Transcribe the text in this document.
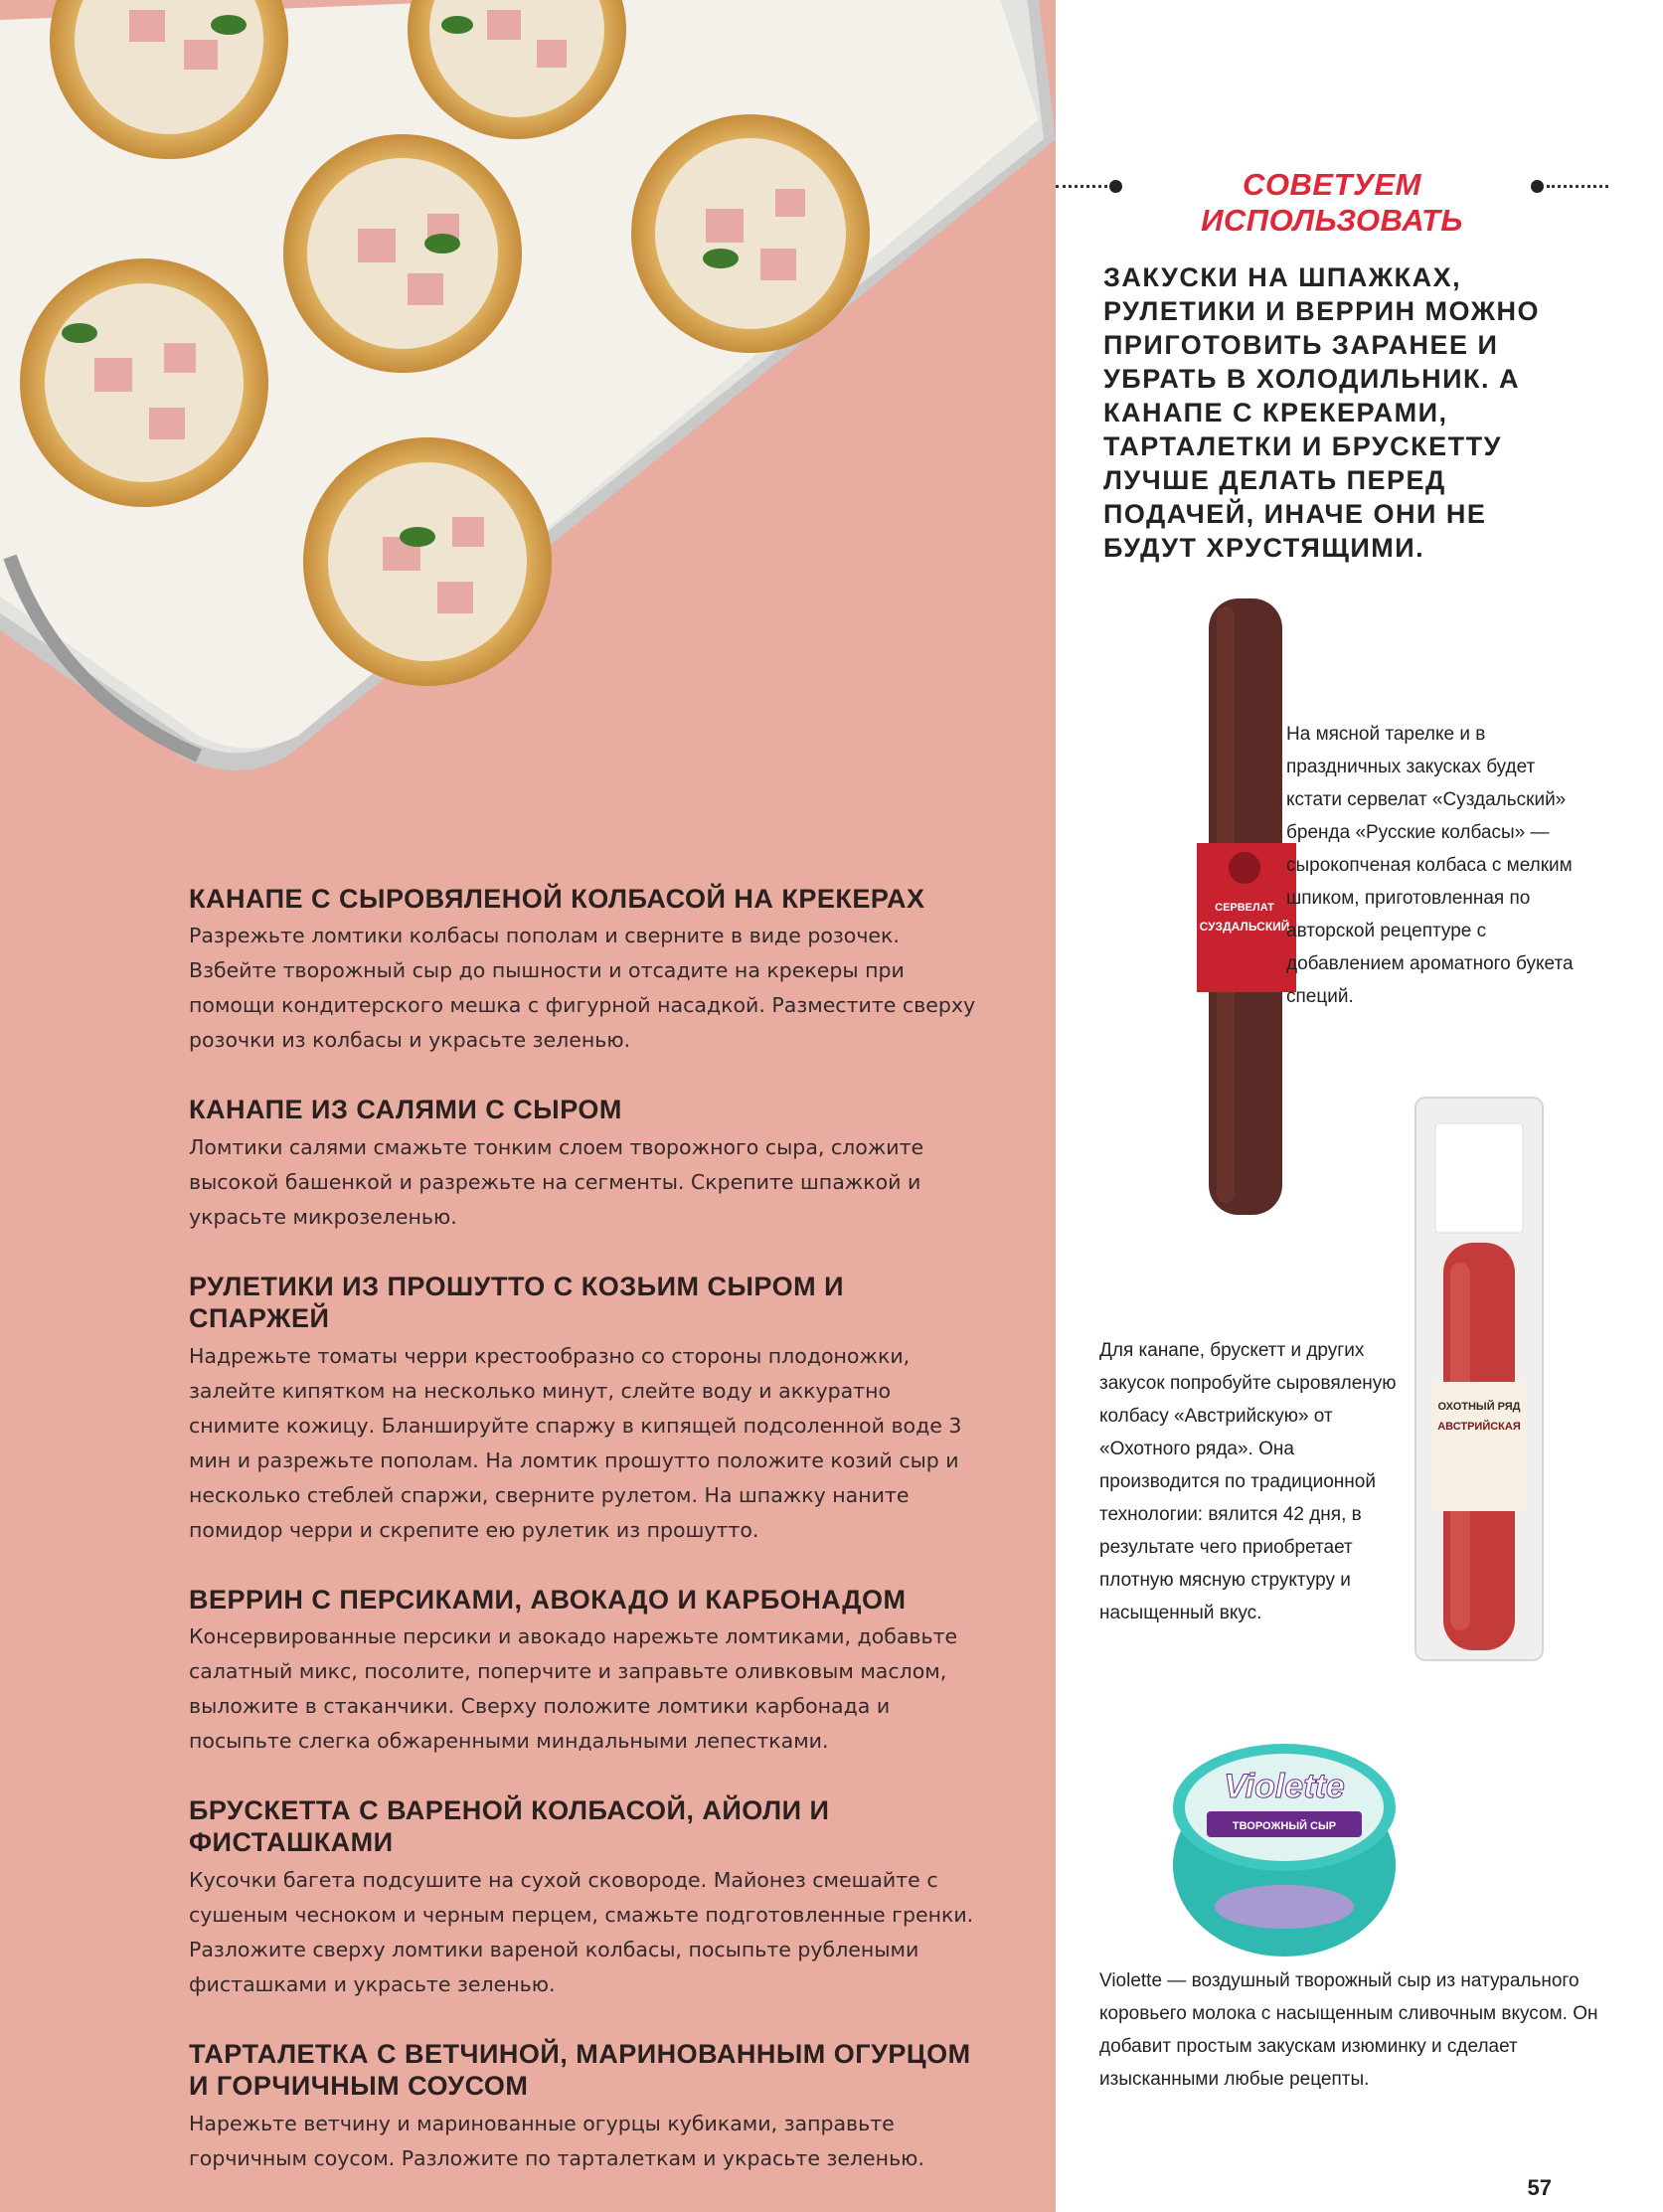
КАНАПЕ С СЫРОВЯЛЕНОЙ КОЛБАСОЙ НА КРЕКЕРАХ

Разрежьте ломтики колбасы пополам и сверните в виде розочек. Взбейте творожный сыр до пышности и отсадите на крекеры при помощи кондитерского мешка с фигурной насадкой. Разместите сверху розочки из колбасы и украсьте зеленью.

КАНАПЕ ИЗ САЛЯМИ С СЫРОМ

Ломтики салями смажьте тонким слоем творожного сыра, сложите высокой башенкой и разрежьте на сегменты. Скрепите шпажкой и украсьте микрозеленью.

РУЛЕТИКИ ИЗ ПРОШУТТО С КОЗЬИМ СЫРОМ И СПАРЖЕЙ

Надрежьте томаты черри крестообразно со стороны плодоножки, залейте кипятком на несколько минут, слейте воду и аккуратно снимите кожицу. Бланшируйте спаржу в кипящей подсоленной воде 3 мин и разрежьте пополам. На ломтик прошутто положите козий сыр и несколько стеблей спаржи, сверните рулетом. На шпажку наните помидор черри и скрепите ею рулетик из прошутто.

ВЕРРИН С ПЕРСИКАМИ, АВОКАДО И КАРБОНАДОМ

Консервированные персики и авокадо нарежьте ломтиками, добавьте салатный микс, посолите, поперчите и заправьте оливковым маслом, выложите в стаканчики. Сверху положите ломтики карбонада и посыпьте слегка обжаренными миндальными лепестками.

БРУСКЕТТА С ВАРЕНОЙ КОЛБАСОЙ, АЙОЛИ И ФИСТАШКАМИ

Кусочки багета подсушите на сухой сковороде. Майонез смешайте с сушеным чесноком и черным перцем, смажьте подготовленные гренки. Разложите сверху ломтики вареной колбасы, посыпьте рублеными фисташками и украсьте зеленью.

ТАРТАЛЕТКА С ВЕТЧИНОЙ, МАРИНОВАННЫМ ОГУРЦОМ И ГОРЧИЧНЫМ СОУСОМ

Нарежьте ветчину и маринованные огурцы кубиками, заправьте горчичным соусом. Разложите по тарталеткам и украсьте зеленью.

СОВЕТУЕМ ИСПОЛЬЗОВАТЬ
ЗАКУСКИ НА ШПАЖКАХ, РУЛЕТИКИ И ВЕРРИН МОЖНО ПРИГОТОВИТЬ ЗАРАНЕЕ И УБРАТЬ В ХОЛОДИЛЬНИК. А КАНАПЕ С КРЕКЕРАМИ, ТАРТАЛЕТКИ И БРУСКЕТТУ ЛУЧШЕ ДЕЛАТЬ ПЕРЕД ПОДАЧЕЙ, ИНАЧЕ ОНИ НЕ БУДУТ ХРУСТЯЩИМИ.
СЕРВЕЛАТ
СУЗДАЛЬСКИЙ
На мясной тарелке и в праздничных закусках будет кстати сервелат «Суздальский» бренда «Русские колбасы» — сырокопченая колбаса с мелким шпиком, приготовленная по авторской рецептуре с добавлением ароматного букета специй.
ОХОТНЫЙ РЯД
АВСТРИЙСКАЯ
Для канапе, брускетт и других закусок попробуйте сыровяленую колбасу «Австрийскую» от «Охотного ряда». Она производится по традиционной технологии: вялится 42 дня, в результате чего приобретает плотную мясную структуру и насыщенный вкус.
Violette
ТВОРОЖНЫЙ СЫР
Violette — воздушный творожный сыр из натурального коровьего молока с насыщенным сливочным вкусом. Он добавит простым закускам изюминку и сделает изысканными любые рецепты.
57
